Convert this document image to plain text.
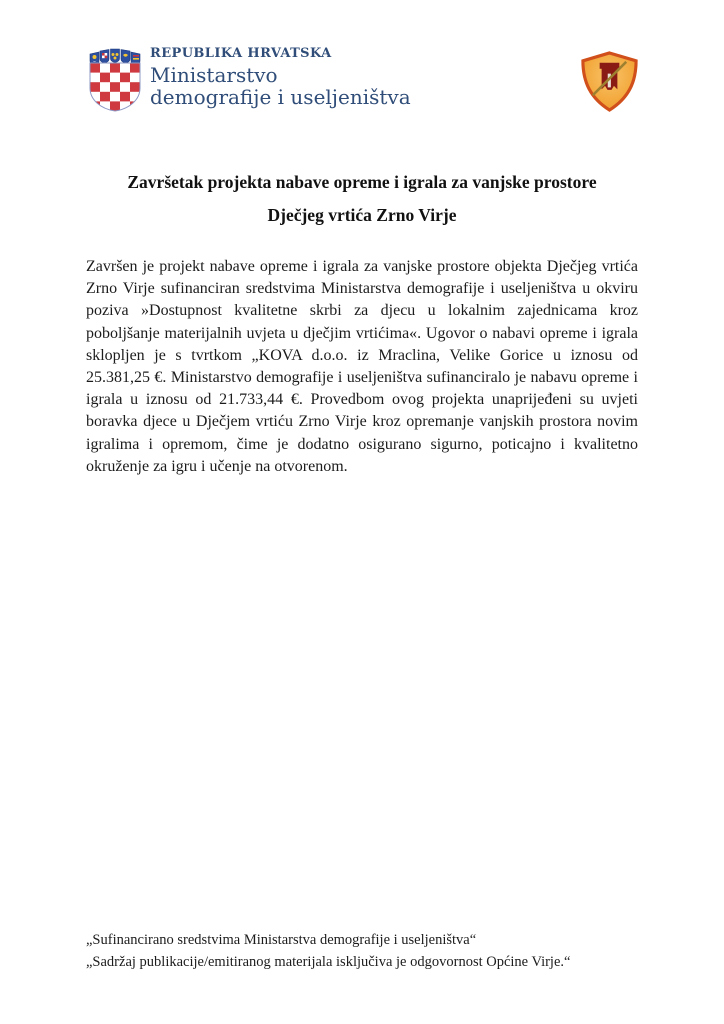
REPUBLIKA HRVATSKA
Ministarstvo
demografije i useljeništva
Završetak projekta nabave opreme i igrala za vanjske prostore
Dječjeg vrtića Zrno Virje
Završen je projekt nabave opreme i igrala za vanjske prostore objekta Dječjeg vrtića Zrno Virje sufinanciran sredstvima Ministarstva demografije i useljeništva u okviru poziva »Dostupnost kvalitetne skrbi za djecu u lokalnim zajednicama kroz poboljšanje materijalnih uvjeta u dječjim vrtićima«. Ugovor o nabavi opreme i igrala sklopljen je s tvrtkom „KOVA d.o.o. iz Mraclina, Velike Gorice u iznosu od 25.381,25 €. Ministarstvo demografije i useljeništva sufinanciralo je nabavu opreme i igrala u iznosu od 21.733,44 €. Provedbom ovog projekta unaprijeđeni su uvjeti boravka djece u Dječjem vrtiću Zrno Virje kroz opremanje vanjskih prostora novim igralima i opremom, čime je dodatno osigurano sigurno, poticajno i kvalitetno okruženje za igru i učenje na otvorenom.
„Sufinancirano sredstvima Ministarstva demografije i useljeništva“
„Sadržaj publikacije/emitiranog materijala isključiva je odgovornost Općine Virje.“
